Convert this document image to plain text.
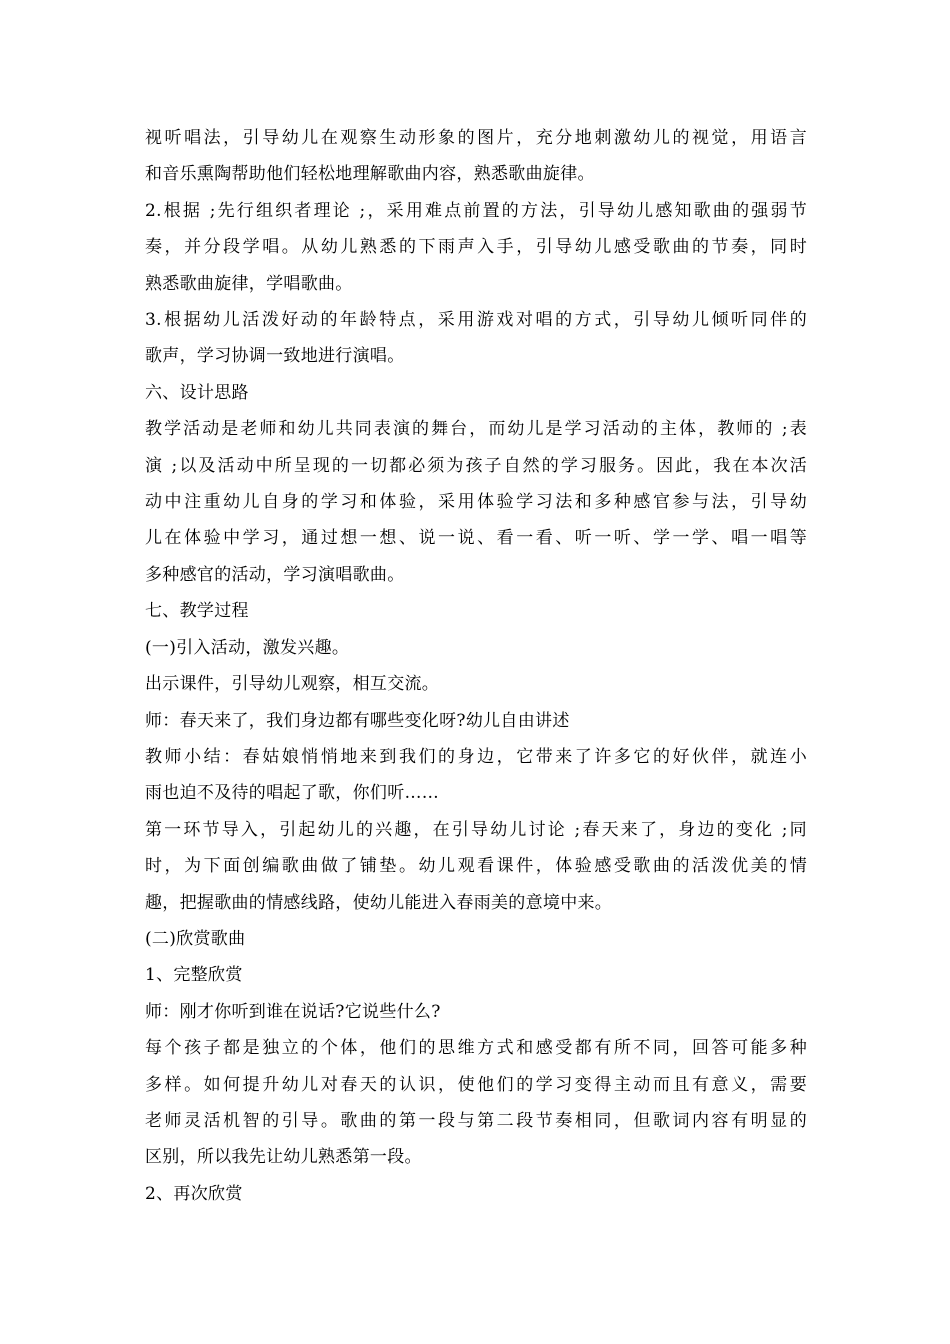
视听唱法，引导幼儿在观察生动形象的图片，充分地刺激幼儿的视觉，用语言
和音乐熏陶帮助他们轻松地理解歌曲内容，熟悉歌曲旋律。
2.根据 ;先行组织者理论 ;，采用难点前置的方法，引导幼儿感知歌曲的强弱节
奏，并分段学唱。从幼儿熟悉的下雨声入手，引导幼儿感受歌曲的节奏，同时
熟悉歌曲旋律，学唱歌曲。
3.根据幼儿活泼好动的年龄特点，采用游戏对唱的方式，引导幼儿倾听同伴的
歌声，学习协调一致地进行演唱。
六、设计思路
教学活动是老师和幼儿共同表演的舞台，而幼儿是学习活动的主体，教师的 ;表
演 ;以及活动中所呈现的一切都必须为孩子自然的学习服务。因此，我在本次活
动中注重幼儿自身的学习和体验，采用体验学习法和多种感官参与法，引导幼
儿在体验中学习，通过想一想、说一说、看一看、听一听、学一学、唱一唱等
多种感官的活动，学习演唱歌曲。
七、教学过程
(一)引入活动，激发兴趣。
出示课件，引导幼儿观察，相互交流。
师：春天来了，我们身边都有哪些变化呀?幼儿自由讲述
教师小结：春姑娘悄悄地来到我们的身边，它带来了许多它的好伙伴，就连小
雨也迫不及待的唱起了歌，你们听……
第一环节导入，引起幼儿的兴趣，在引导幼儿讨论 ;春天来了，身边的变化 ;同
时，为下面创编歌曲做了铺垫。幼儿观看课件，体验感受歌曲的活泼优美的情
趣，把握歌曲的情感线路，使幼儿能进入春雨美的意境中来。
(二)欣赏歌曲
1、完整欣赏
师：刚才你听到谁在说话?它说些什么?
每个孩子都是独立的个体，他们的思维方式和感受都有所不同，回答可能多种
多样。如何提升幼儿对春天的认识，使他们的学习变得主动而且有意义，需要
老师灵活机智的引导。歌曲的第一段与第二段节奏相同，但歌词内容有明显的
区别，所以我先让幼儿熟悉第一段。
2、再次欣赏
